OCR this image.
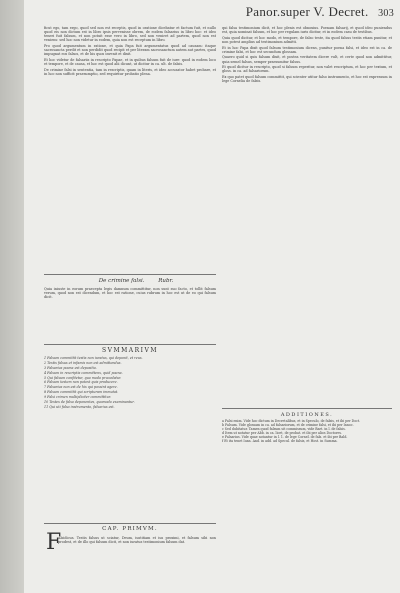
Panor.super V. Decret. 303

ficut ego, tam ergo, quod sed non est receptis, quod in oratione dicebatur et factum fuit, et nullo quod eis non dictum est in libro ipsis pervenisse obrem, de eodem falsarius in libro hoc: et ideo teneri fuit falsum, et non potuit esse vero in libro, sed non veniret ad partem, quod non est veniens: sed hoc non videtur in eodem, quia non est receptum in libro.

Pro quod argumentum in ratione, et quia Papa fuit argumentatus quod ad causam: itaque sacrosancta perdit et non perdidit quod recipit et per literam sacrosanctum autem aut partes, quod impugnat eos falsos, et de his quos invenit et dixit.

Et hoc videtur de falsariis in rescripto Papae, et in quibus falsum fuit de iure: quod in eodem loco et tempore, et de causa, et hoc est quod alii dicunt, ut dicitur in ca. ult. de falsis.

De crimine falsi in sententia, tam in rescriptis, quam in literis, et ideo accusator habet probare, et in hoc non sufficit praesumptio, sed requiritur probatio plena.

De crimine falsi.	Rubr.
Quia iniuste in eorum praecepta legis damnum committitur, non sunt suo facto, et tollit falsum verum, quod non est dicendum, et hoc est ratione, cuius rubrum in hoc est ut de eo qui falsum dicit.
SVMMARIVM
1 Falsum committit testis non iuratus, qui deponit, et reus.
2 Testis falsus et infamis non est admittendus.
3 Falsarius poena est depositio.
4 Falsum in rescriptis committens, quid poena.
5 Qui falsum confitetur, quo modo procedatur.
6 Falsum testem non potest quis producere.
7 Falsarius non est de his qui possint agere.
8 Falsum committit qui scripturam immutat.
9 Falsi crimen multipliciter committitur.
10 Testes de falso deponentes, quomodo examinantur.
11 Qui uti falso instrumento, falsarius est.
CAP. PRIMVM.
F
Alsidicus. Testis falsus ut sciatur, Deum, iustitiam et ius proximi, et falsum sibi non prodest, et de illo qui falsum dicit, et non iuratus testimonium falsum dat.

qui falsa testimonium dicit, et hoc plenis est obnoxius. Poenam falsarij, et quod ideo puniendus est, quia nominat falsum, et hoc per regulam iuris dicitur, et in eodem casu de testibus.

Quia quod dicitur, et hoc modo, et tempore, de falso teste, ita quod falsus testis etiam punitur, et non potest amplius ad testimonium admitti.

Et in hoc Papa dixit quod falsum testimonium dicens, punitur poena falsi, et ideo est in ca. de crimine falsi, et hoc est secundum glossam.

Quaero quid si quis falsum dixit, et postea veritatem dicere vult, et certe quod non admittitur, quia semel falsus, semper praesumitur falsus.

Et quod dicitur in rescripto, quod si falsum reperitur, non valet rescriptum, et hoc per textum, et gloss. in ca. ad falsariorum.

Ex quo patet quod falsum committit, qui scienter utitur falso instrumento, et hoc est expressum in lege Cornelia de falsis.

ADDITIONES.
a Falsi enim. Vide hoc dictum in Decretalibus, et in Speculo, de falsis, et ibi per Doct.
b Falsum. Vide glossam in ca. ad falsariorum, et de crimine falsi, et ibi per Innoc.
c Sed dubitatur. Tamen quod falsum sit commissum, vide Bart. in l. de falsis.
d Item ut notatur per Abb. in ca. licet, de probat. et ibi per alios Doctores.
e Falsarius. Vide quae notantur in l. 1. de lege Cornel. de fals. et ibi per Bald.
f Et ita tenet Ioan. And. in add. ad Specul. de falsis, et Host. in Summa.
